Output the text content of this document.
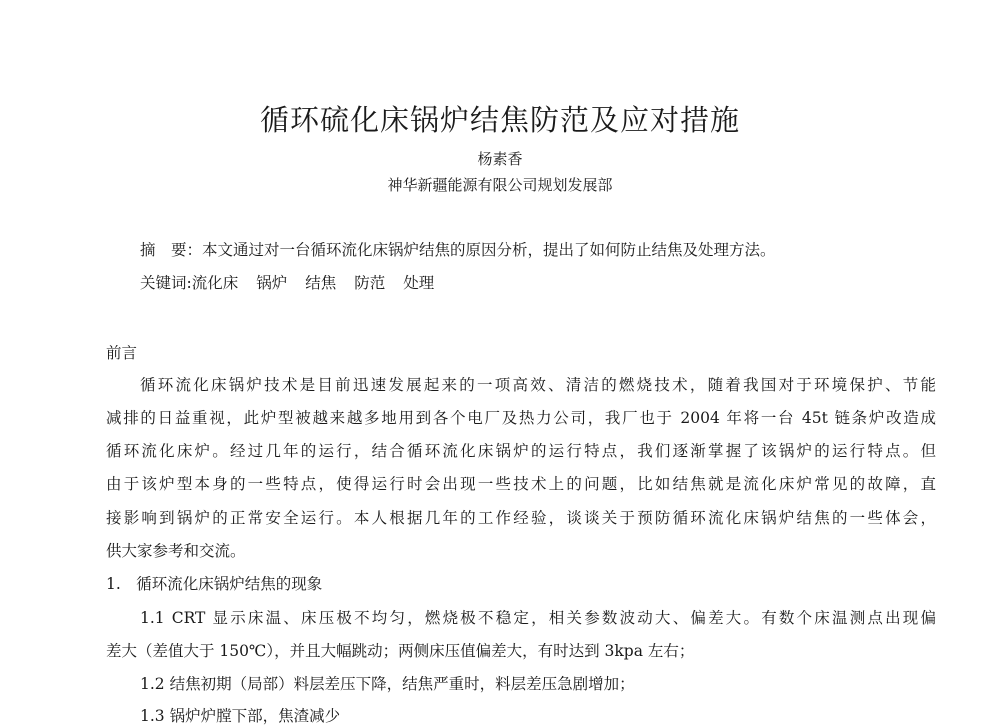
循环硫化床锅炉结焦防范及应对措施

杨素香

神华新疆能源有限公司规划发展部

摘　要：本文通过对一台循环流化床锅炉结焦的原因分析，提出了如何防止结焦及处理方法。

关键词:流化床 锅炉 结焦 防范 处理

前言

循环流化床锅炉技术是目前迅速发展起来的一项高效、清洁的燃烧技术，随着我国对于环境保护、节能

减排的日益重视，此炉型被越来越多地用到各个电厂及热力公司，我厂也于 2004 年将一台 45t 链条炉改造成

循环流化床炉。经过几年的运行，结合循环流化床锅炉的运行特点，我们逐渐掌握了该锅炉的运行特点。但

由于该炉型本身的一些特点，使得运行时会出现一些技术上的问题，比如结焦就是流化床炉常见的故障，直

接影响到锅炉的正常安全运行。本人根据几年的工作经验，谈谈关于预防循环流化床锅炉结焦的一些体会，

供大家参考和交流。

1.　循环流化床锅炉结焦的现象

1.1 CRT 显示床温、床压极不均匀，燃烧极不稳定，相关参数波动大、偏差大。有数个床温测点出现偏

差大（差值大于 150℃），并且大幅跳动；两侧床压值偏差大，有时达到 3kpa 左右；

1.2 结焦初期（局部）料层差压下降，结焦严重时，料层差压急剧增加；

1.3 锅炉炉膛下部，焦渣减少
